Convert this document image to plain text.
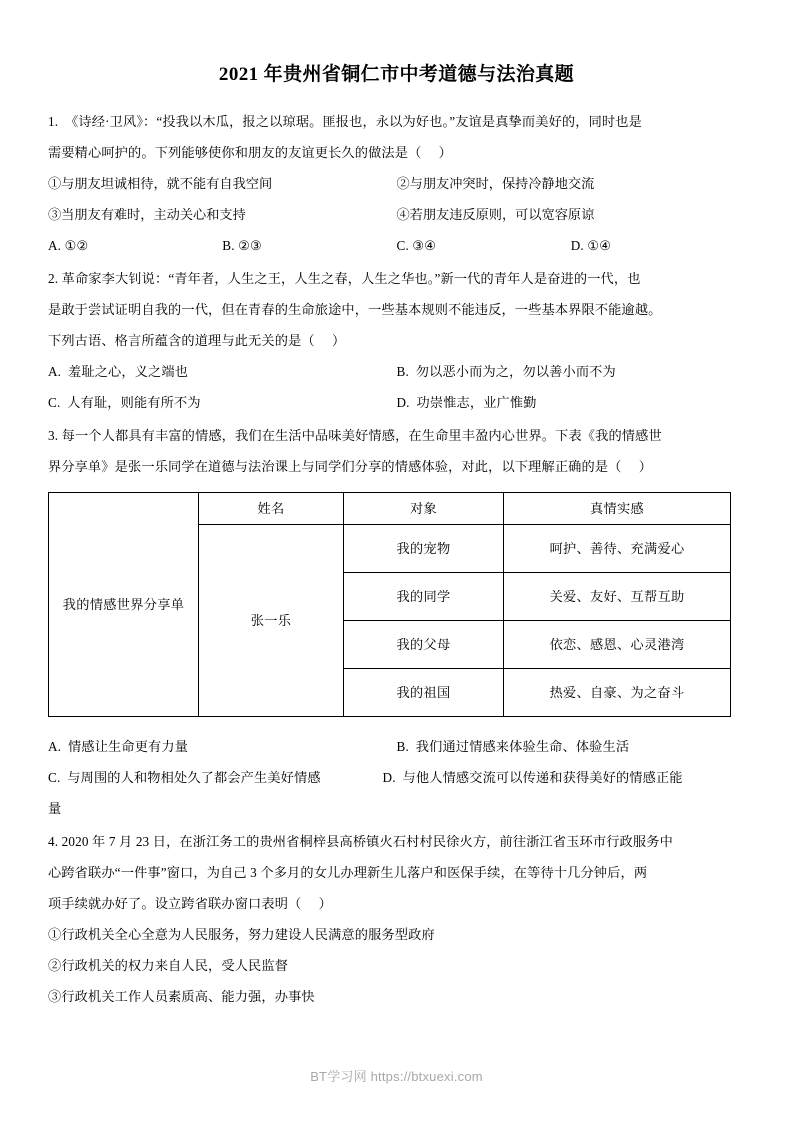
2021 年贵州省铜仁市中考道德与法治真题
1.  《诗经·卫风》：“投我以木瓜，报之以琼琚。匪报也，永以为好也。”友谊是真挚而美好的，同时也是
需要精心呵护的。下列能够使你和朋友的友谊更长久的做法是（     ）
①与朋友坦诚相待，就不能有自我空间	②与朋友冲突时，保持冷静地交流
③当朋友有难时，主动关心和支持	④若朋友违反原则，可以宽容原谅
A. ①②	B. ②③	C. ③④	D. ①④
2. 革命家李大钊说：“青年者，人生之王，人生之春，人生之华也。”新一代的青年人是奋进的一代，也
是敢于尝试证明自我的一代，但在青春的生命旅途中，一些基本规则不能违反，一些基本界限不能逾越。
下列古语、格言所蕴含的道理与此无关的是（     ）
A.  羞耻之心，义之端也	B.  勿以恶小而为之，勿以善小而不为
C.  人有耻，则能有所不为	D.  功崇惟志，业广惟勤
3. 每一个人都具有丰富的情感，我们在生活中品味美好情感，在生命里丰盈内心世界。下表《我的情感世
界分享单》是张一乐同学在道德与法治课上与同学们分享的情感体验，对此，以下理解正确的是（     ）
我的情感世界分享单	姓名	对象	真情实感
	张一乐	我的宠物	呵护、善待、充满爱心
		我的同学	关爱、友好、互帮互助
		我的父母	依恋、感恩、心灵港湾
		我的祖国	热爱、自豪、为之奋斗
A.  情感让生命更有力量	B.  我们通过情感来体验生命、体验生活
C.  与周围的人和物相处久了都会产生美好情感	D.  与他人情感交流可以传递和获得美好的情感正能
量
4. 2020 年 7 月 23 日，在浙江务工的贵州省桐梓县高桥镇火石村村民徐火方，前往浙江省玉环市行政服务中
心跨省联办“一件事”窗口，为自己 3 个多月的女儿办理新生儿落户和医保手续，在等待十几分钟后，两
项手续就办好了。设立跨省联办窗口表明（     ）
①行政机关全心全意为人民服务，努力建设人民满意的服务型政府
②行政机关的权力来自人民，受人民监督
③行政机关工作人员素质高、能力强，办事快
BT学习网 https://btxuexi.com
